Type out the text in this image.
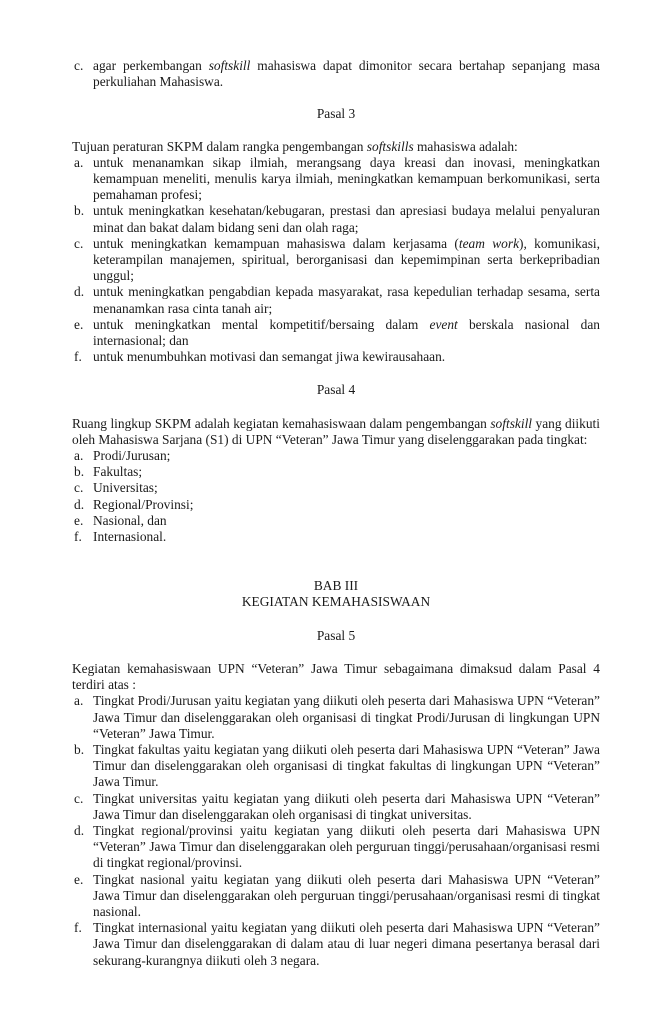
c. agar perkembangan softskill mahasiswa dapat dimonitor secara bertahap sepanjang masa perkuliahan Mahasiswa.
Pasal 3
Tujuan peraturan SKPM dalam rangka pengembangan softskills mahasiswa adalah:
a. untuk menanamkan sikap ilmiah, merangsang daya kreasi dan inovasi, meningkatkan kemampuan meneliti, menulis karya ilmiah, meningkatkan kemampuan berkomunikasi, serta pemahaman profesi;
b. untuk meningkatkan kesehatan/kebugaran, prestasi dan apresiasi budaya melalui penyaluran minat dan bakat dalam bidang seni dan olah raga;
c. untuk meningkatkan kemampuan mahasiswa dalam kerjasama (team work), komunikasi, keterampilan manajemen, spiritual, berorganisasi dan kepemimpinan serta berkepribadian unggul;
d. untuk meningkatkan pengabdian kepada masyarakat, rasa kepedulian terhadap sesama, serta menanamkan rasa cinta tanah air;
e. untuk meningkatkan mental kompetitif/bersaing dalam event berskala nasional dan internasional; dan
f. untuk menumbuhkan motivasi dan semangat jiwa kewirausahaan.
Pasal 4
Ruang lingkup SKPM adalah kegiatan kemahasiswaan dalam pengembangan softskill yang diikuti oleh Mahasiswa Sarjana (S1) di UPN “Veteran” Jawa Timur yang diselenggarakan pada tingkat:
a. Prodi/Jurusan;
b. Fakultas;
c. Universitas;
d. Regional/Provinsi;
e. Nasional, dan
f. Internasional.
BAB III
KEGIATAN KEMAHASISWAAN
Pasal 5
Kegiatan kemahasiswaan UPN “Veteran” Jawa Timur sebagaimana dimaksud dalam Pasal 4 terdiri atas :
a. Tingkat Prodi/Jurusan yaitu kegiatan yang diikuti oleh peserta dari Mahasiswa UPN “Veteran” Jawa Timur dan diselenggarakan oleh organisasi di tingkat Prodi/Jurusan di lingkungan UPN “Veteran” Jawa Timur.
b. Tingkat fakultas yaitu kegiatan yang diikuti oleh peserta dari Mahasiswa UPN “Veteran” Jawa Timur dan diselenggarakan oleh organisasi di tingkat fakultas di lingkungan UPN “Veteran” Jawa Timur.
c. Tingkat universitas yaitu kegiatan yang diikuti oleh peserta dari Mahasiswa UPN “Veteran” Jawa Timur dan diselenggarakan oleh organisasi di tingkat universitas.
d. Tingkat regional/provinsi yaitu kegiatan yang diikuti oleh peserta dari Mahasiswa UPN “Veteran” Jawa Timur dan diselenggarakan oleh perguruan tinggi/perusahaan/organisasi resmi di tingkat regional/provinsi.
e. Tingkat nasional yaitu kegiatan yang diikuti oleh peserta dari Mahasiswa UPN “Veteran” Jawa Timur dan diselenggarakan oleh perguruan tinggi/perusahaan/organisasi resmi di tingkat nasional.
f. Tingkat internasional yaitu kegiatan yang diikuti oleh peserta dari Mahasiswa UPN “Veteran” Jawa Timur dan diselenggarakan di dalam atau di luar negeri dimana pesertanya berasal dari sekurang-kurangnya diikuti oleh 3 negara.
